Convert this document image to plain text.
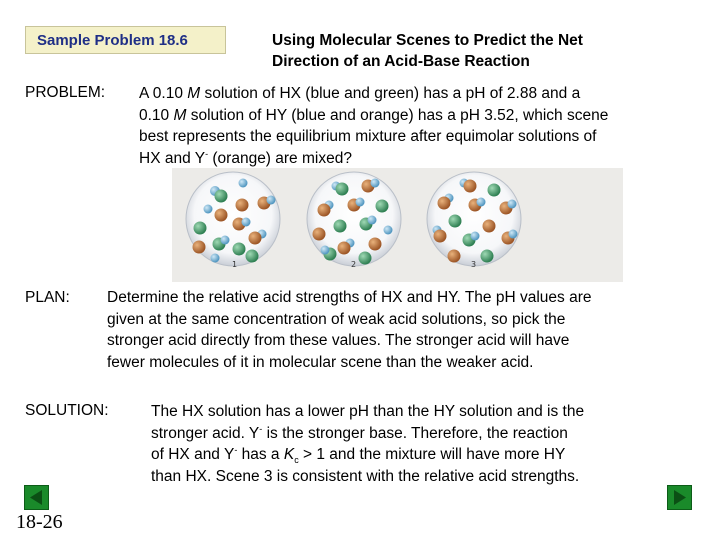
Sample Problem 18.6	Using Molecular Scenes to Predict the Net
Direction of an Acid-Base Reaction
PROBLEM: A 0.10 M solution of HX (blue and green) has a pH of 2.88 and a
0.10 M solution of HY (blue and orange) has a pH 3.52, which scene
best represents the equilibrium mixture after equimolar solutions of
HX and Y- (orange) are mixed?
1	2	3
PLAN: Determine the relative acid strengths of HX and HY. The pH values are
given at the same concentration of weak acid solutions, so pick the
stronger acid directly from these values. The stronger acid will have
fewer molecules of it in molecular scene than the weaker acid.
SOLUTION:	The HX solution has a lower pH than the HY solution and is the
stronger acid. Y- is the stronger base. Therefore, the reaction
of HX and Y- has a $K_c > 1$ and the mixture will have more HY
than HX. Scene 3 is consistent with the relative acid strengths.
18-26
